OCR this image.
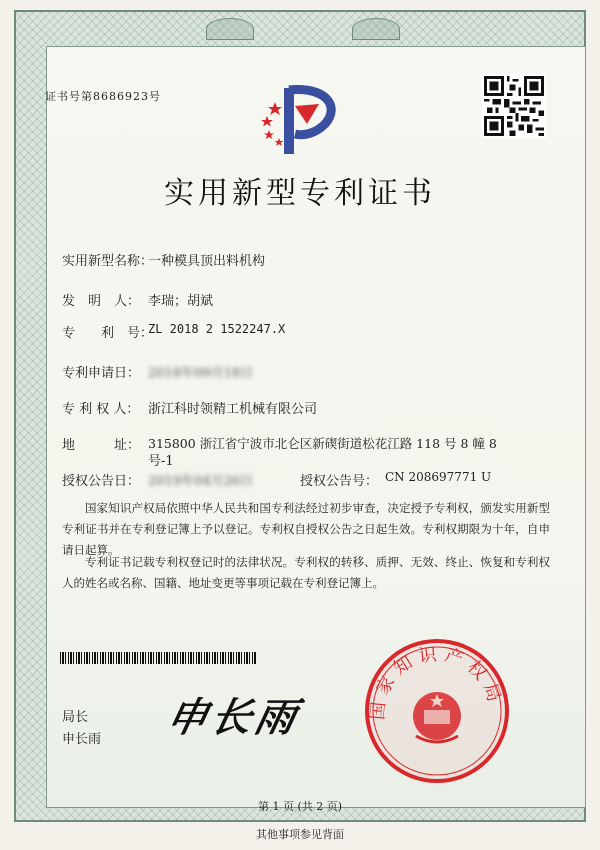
证书号第8686923号
实用新型专利证书
实用新型名称：
一种模具顶出料机构
发　明　人： 李瑞；胡斌
专　　利　号：
ZL 2018 2 1522247.X
专利申请日： 2018年09月18日
专 利 权 人： 浙江科时领精工机械有限公司
地　　　址： 315800 浙江省宁波市北仑区新碶街道松花江路 118 号 8 幢 8
号-1
授权公告日： 2019年04月26日	授权公告号： CN 208697771 U
国家知识产权局依照中华人民共和国专利法经过初步审查，决定授予专利权，颁发实用新型专利证书并在专利登记簿上予以登记。专利权自授权公告之日起生效。专利权期限为十年，自申请日起算。
专利证书记载专利权登记时的法律状况。专利权的转移、质押、无效、终止、恢复和专利权人的姓名或名称、国籍、地址变更等事项记载在专利登记簿上。
局长
申长雨 申长雨	国家知识产权局
第 1 页 (共 2 页)
其他事项参见背面
